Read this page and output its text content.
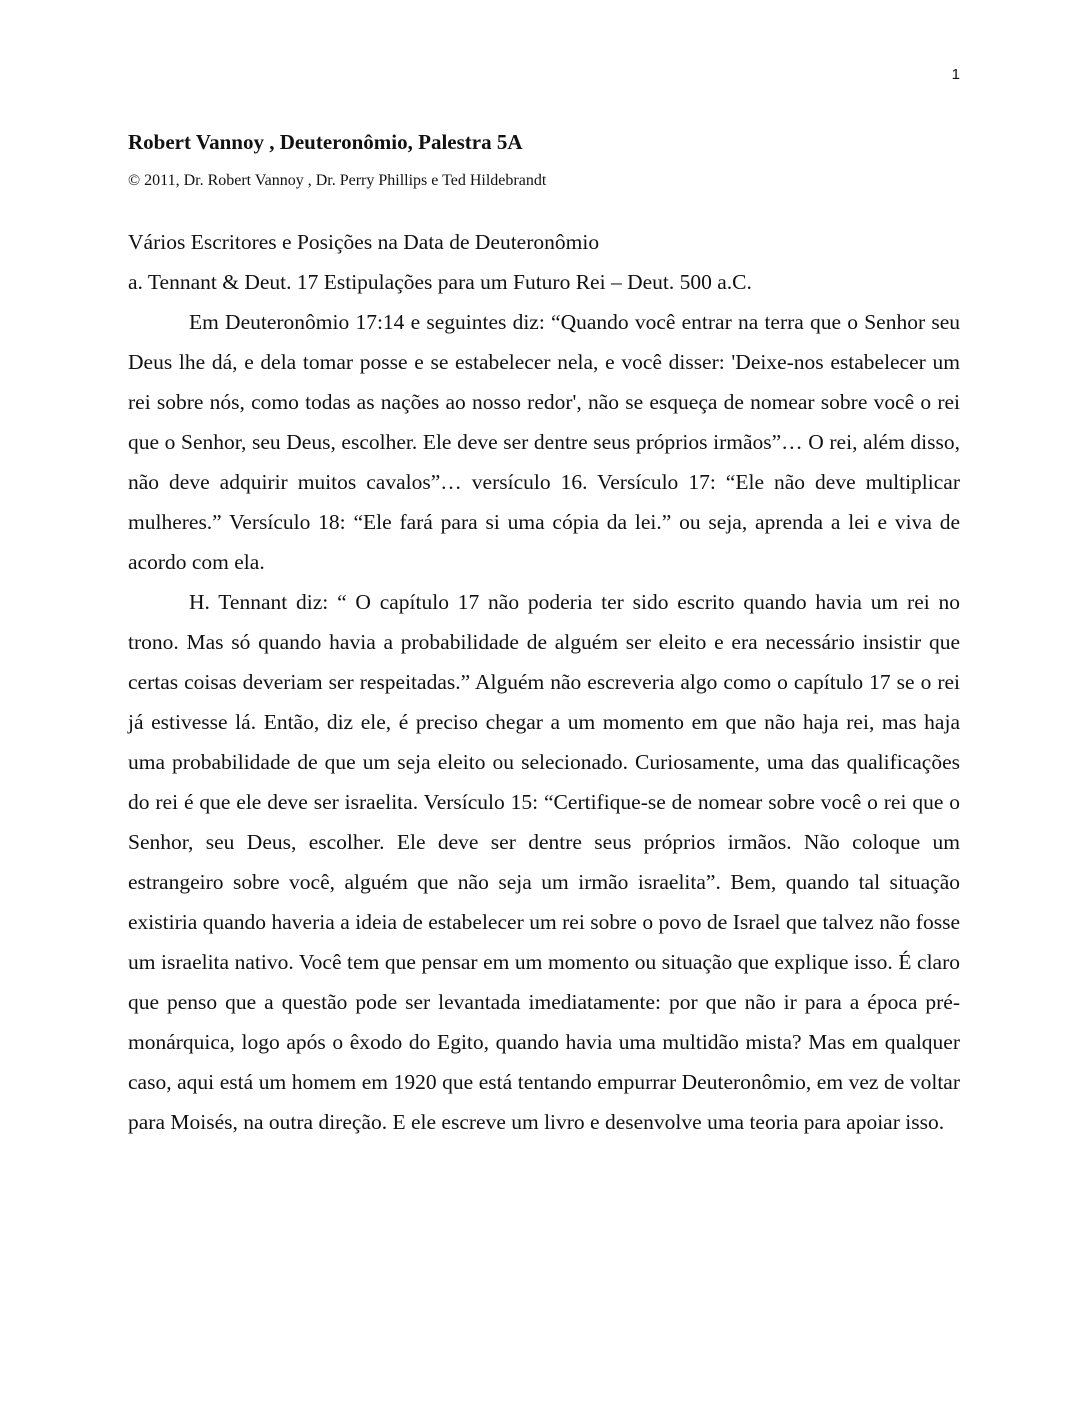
1
Robert Vannoy , Deuteronômio, Palestra 5A
© 2011, Dr. Robert Vannoy , Dr. Perry Phillips e Ted Hildebrandt

Vários Escritores e Posições na Data de Deuteronômio

a. Tennant & Deut. 17 Estipulações para um Futuro Rei – Deut. 500 a.C.

Em Deuteronômio 17:14 e seguintes diz: “Quando você entrar na terra que o Senhor seu Deus lhe dá, e dela tomar posse e se estabelecer nela, e você disser: 'Deixe-nos estabelecer um rei sobre nós, como todas as nações ao nosso redor', não se esqueça de nomear sobre você o rei que o Senhor, seu Deus, escolher. Ele deve ser dentre seus próprios irmãos”… O rei, além disso, não deve adquirir muitos cavalos”… versículo 16. Versículo 17: “Ele não deve multiplicar mulheres.” Versículo 18: “Ele fará para si uma cópia da lei.” ou seja, aprenda a lei e viva de acordo com ela.

H. Tennant diz: “ O capítulo 17 não poderia ter sido escrito quando havia um rei no trono. Mas só quando havia a probabilidade de alguém ser eleito e era necessário insistir que certas coisas deveriam ser respeitadas.” Alguém não escreveria algo como o capítulo 17 se o rei já estivesse lá. Então, diz ele, é preciso chegar a um momento em que não haja rei, mas haja uma probabilidade de que um seja eleito ou selecionado. Curiosamente, uma das qualificações do rei é que ele deve ser israelita. Versículo 15: “Certifique-se de nomear sobre você o rei que o Senhor, seu Deus, escolher. Ele deve ser dentre seus próprios irmãos. Não coloque um estrangeiro sobre você, alguém que não seja um irmão israelita”. Bem, quando tal situação existiria quando haveria a ideia de estabelecer um rei sobre o povo de Israel que talvez não fosse um israelita nativo. Você tem que pensar em um momento ou situação que explique isso. É claro que penso que a questão pode ser levantada imediatamente: por que não ir para a época pré-monárquica, logo após o êxodo do Egito, quando havia uma multidão mista? Mas em qualquer caso, aqui está um homem em 1920 que está tentando empurrar Deuteronômio, em vez de voltar para Moisés, na outra direção. E ele escreve um livro e desenvolve uma teoria para apoiar isso.
